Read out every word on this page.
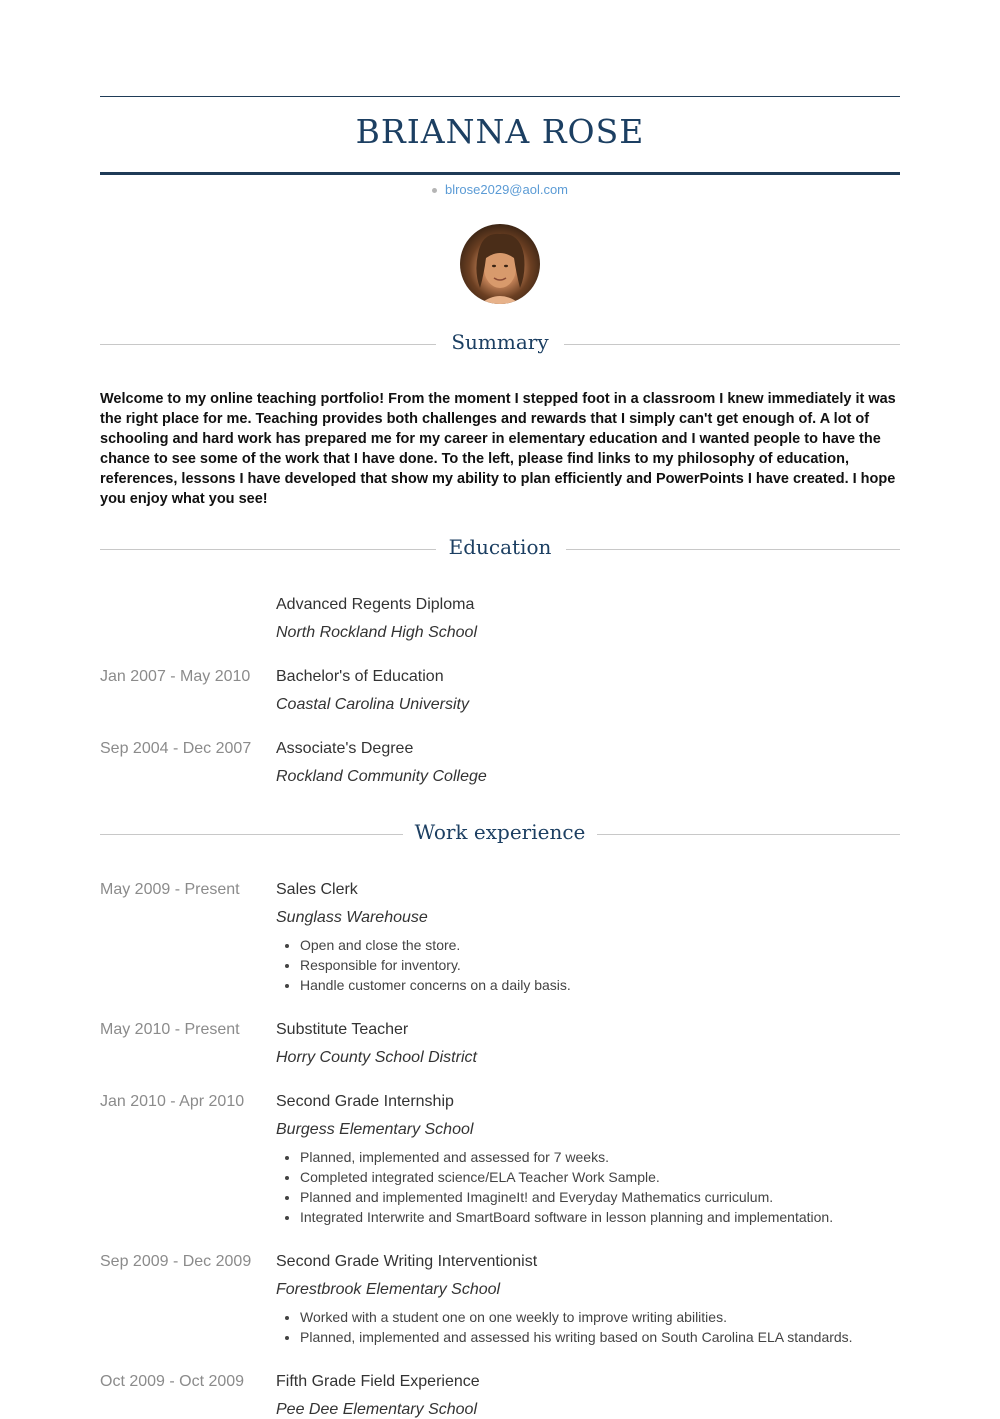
BRIANNA ROSE
blrose2029@aol.com
Summary
Welcome to my online teaching portfolio! From the moment I stepped foot in a classroom I knew immediately it was the right place for me. Teaching provides both challenges and rewards that I simply can't get enough of. A lot of schooling and hard work has prepared me for my career in elementary education and I wanted people to have the chance to see some of the work that I have done. To the left, please find links to my philosophy of education, references, lessons I have developed that show my ability to plan efficiently and PowerPoints I have created. I hope you enjoy what you see!
Education
Advanced Regents Diploma
North Rockland High School
Jan 2007 - May 2010 Bachelor's of Education
Coastal Carolina University
Sep 2004 - Dec 2007 Associate's Degree
Rockland Community College
Work experience
May 2009 - Present Sales Clerk
Sunglass Warehouse
• Open and close the store.
• Responsible for inventory.
• Handle customer concerns on a daily basis.
May 2010 - Present Substitute Teacher
Horry County School District
Jan 2010 - Apr 2010 Second Grade Internship
Burgess Elementary School
• Planned, implemented and assessed for 7 weeks.
• Completed integrated science/ELA Teacher Work Sample.
• Planned and implemented ImagineIt! and Everyday Mathematics curriculum.
• Integrated Interwrite and SmartBoard software in lesson planning and implementation.
Sep 2009 - Dec 2009 Second Grade Writing Interventionist
Forestbrook Elementary School
• Worked with a student one on one weekly to improve writing abilities.
• Planned, implemented and assessed his writing based on South Carolina ELA standards.
Oct 2009 - Oct 2009 Fifth Grade Field Experience
Pee Dee Elementary School
